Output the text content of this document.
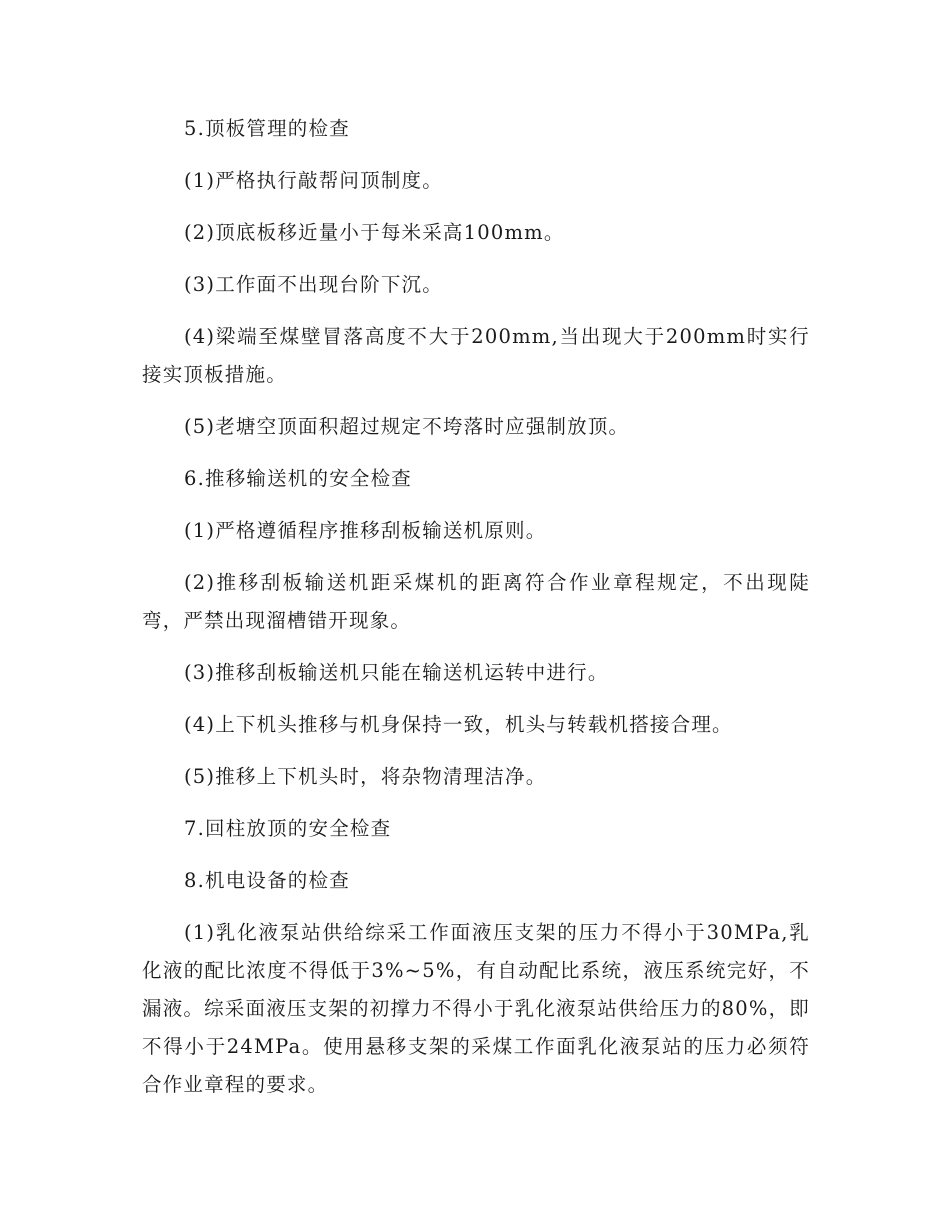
5.顶板管理的检查

(1)严格执行敲帮问顶制度。

(2)顶底板移近量小于每米采高100mm。

(3)工作面不出现台阶下沉。

(4)梁端至煤壁冒落高度不大于200mm,当出现大于200mm时实行接实顶板措施。

(5)老塘空顶面积超过规定不垮落时应强制放顶。

6.推移输送机的安全检查

(1)严格遵循程序推移刮板输送机原则。

(2)推移刮板输送机距采煤机的距离符合作业章程规定，不出现陡弯，严禁出现溜槽错开现象。

(3)推移刮板输送机只能在输送机运转中进行。

(4)上下机头推移与机身保持一致，机头与转载机搭接合理。

(5)推移上下机头时，将杂物清理洁净。

7.回柱放顶的安全检查

8.机电设备的检查

(1)乳化液泵站供给综采工作面液压支架的压力不得小于30MPa,乳化液的配比浓度不得低于3%~5%，有自动配比系统，液压系统完好，不漏液。综采面液压支架的初撑力不得小于乳化液泵站供给压力的80%，即不得小于24MPa。使用悬移支架的采煤工作面乳化液泵站的压力必须符合作业章程的要求。
